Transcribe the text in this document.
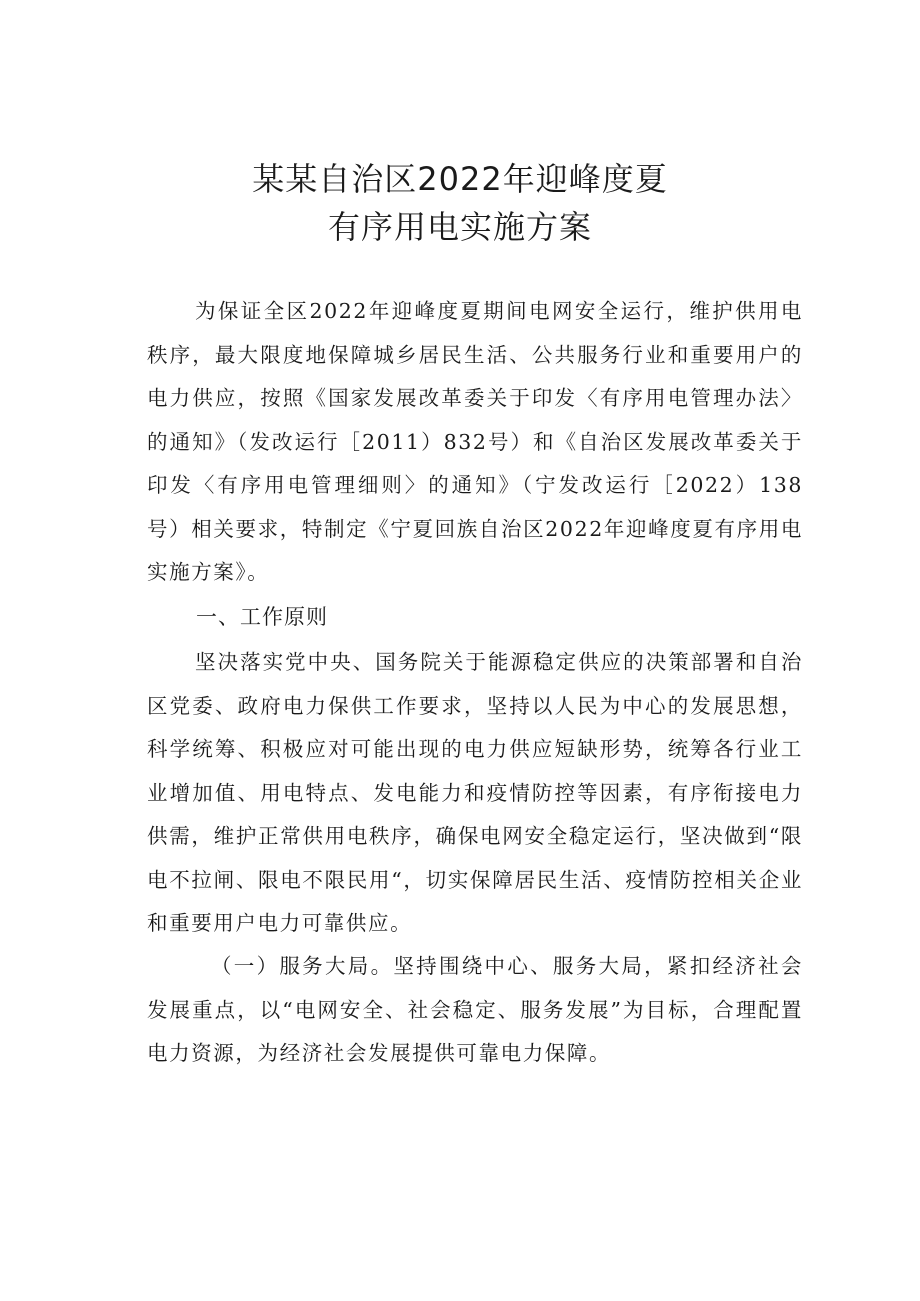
某某自治区2022年迎峰度夏
有序用电实施方案

为保证全区2022年迎峰度夏期间电网安全运行，维护供用电秩序，最大限度地保障城乡居民生活、公共服务行业和重要用户的电力供应，按照《国家发展改革委关于印发〈有序用电管理办法〉的通知》（发改运行［2011）832号）和《自治区发展改革委关于印发〈有序用电管理细则〉的通知》（宁发改运行［2022）138号）相关要求，特制定《宁夏回族自治区2022年迎峰度夏有序用电实施方案》。

一、工作原则

坚决落实党中央、国务院关于能源稳定供应的决策部署和自治区党委、政府电力保供工作要求，坚持以人民为中心的发展思想，科学统筹、积极应对可能出现的电力供应短缺形势，统筹各行业工业增加值、用电特点、发电能力和疫情防控等因素，有序衔接电力供需，维护正常供用电秩序，确保电网安全稳定运行，坚决做到“限电不拉闸、限电不限民用“，切实保障居民生活、疫情防控相关企业和重要用户电力可靠供应。

（一）服务大局。坚持围绕中心、服务大局，紧扣经济社会发展重点，以“电网安全、社会稳定、服务发展”为目标，合理配置电力资源，为经济社会发展提供可靠电力保障。
